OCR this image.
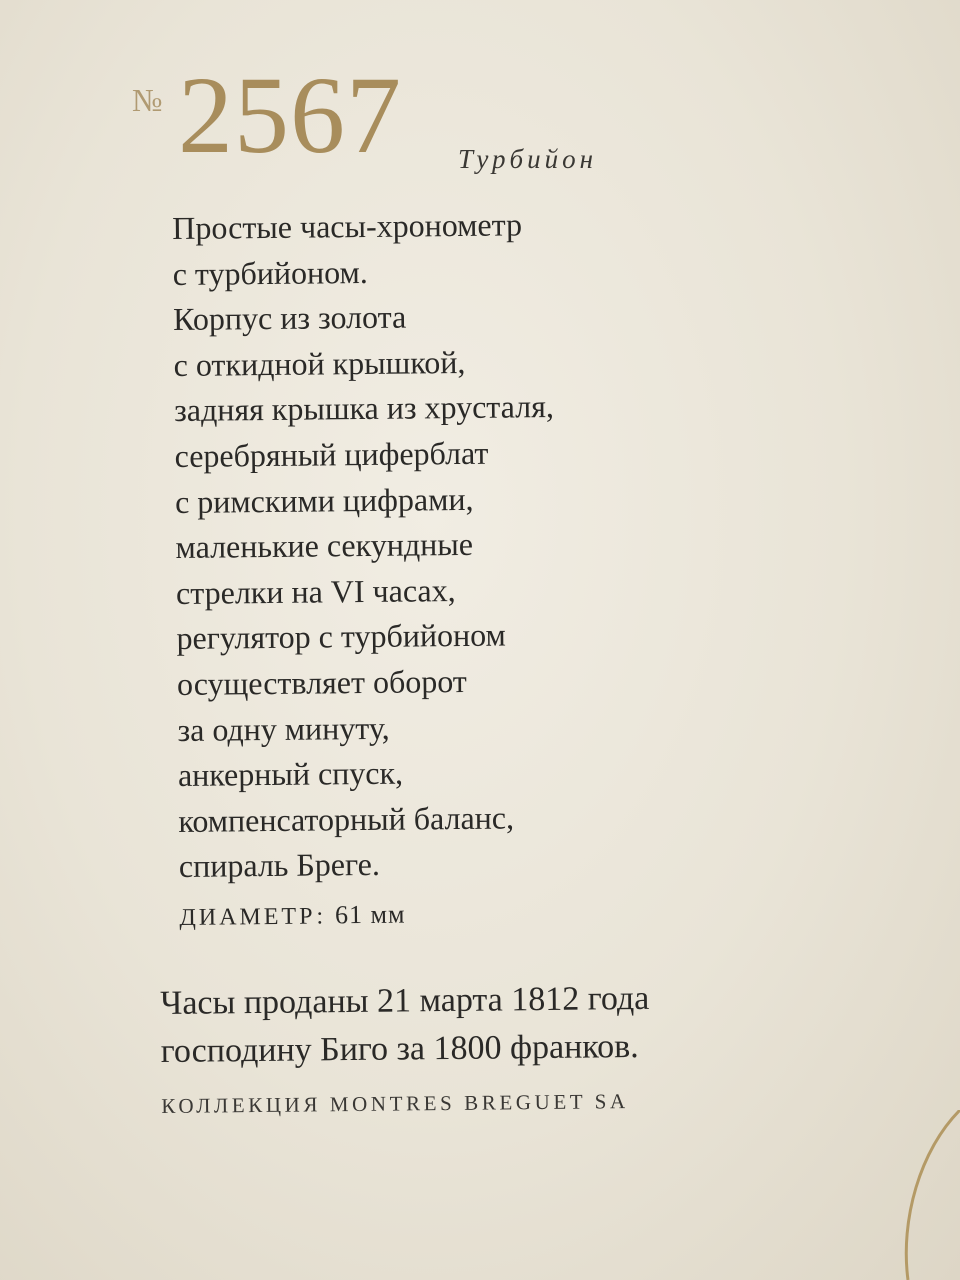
№ 2567 Турбийон
Простые часы-хронометр
с турбийоном.
Корпус из золота
с откидной крышкой,
задняя крышка из хрусталя,
серебряный циферблат
с римскими цифрами,
маленькие секундные
стрелки на VI часах,
регулятор с турбийоном
осуществляет оборот
за одну минуту,
анкерный спуск,
компенсаторный баланс,
спираль Бреге.
ДИАМЕТР: 61 мм
Часы проданы 21 марта 1812 года
господину Биго за 1800 франков.
КОЛЛЕКЦИЯ MONTRES BREGUET SA
